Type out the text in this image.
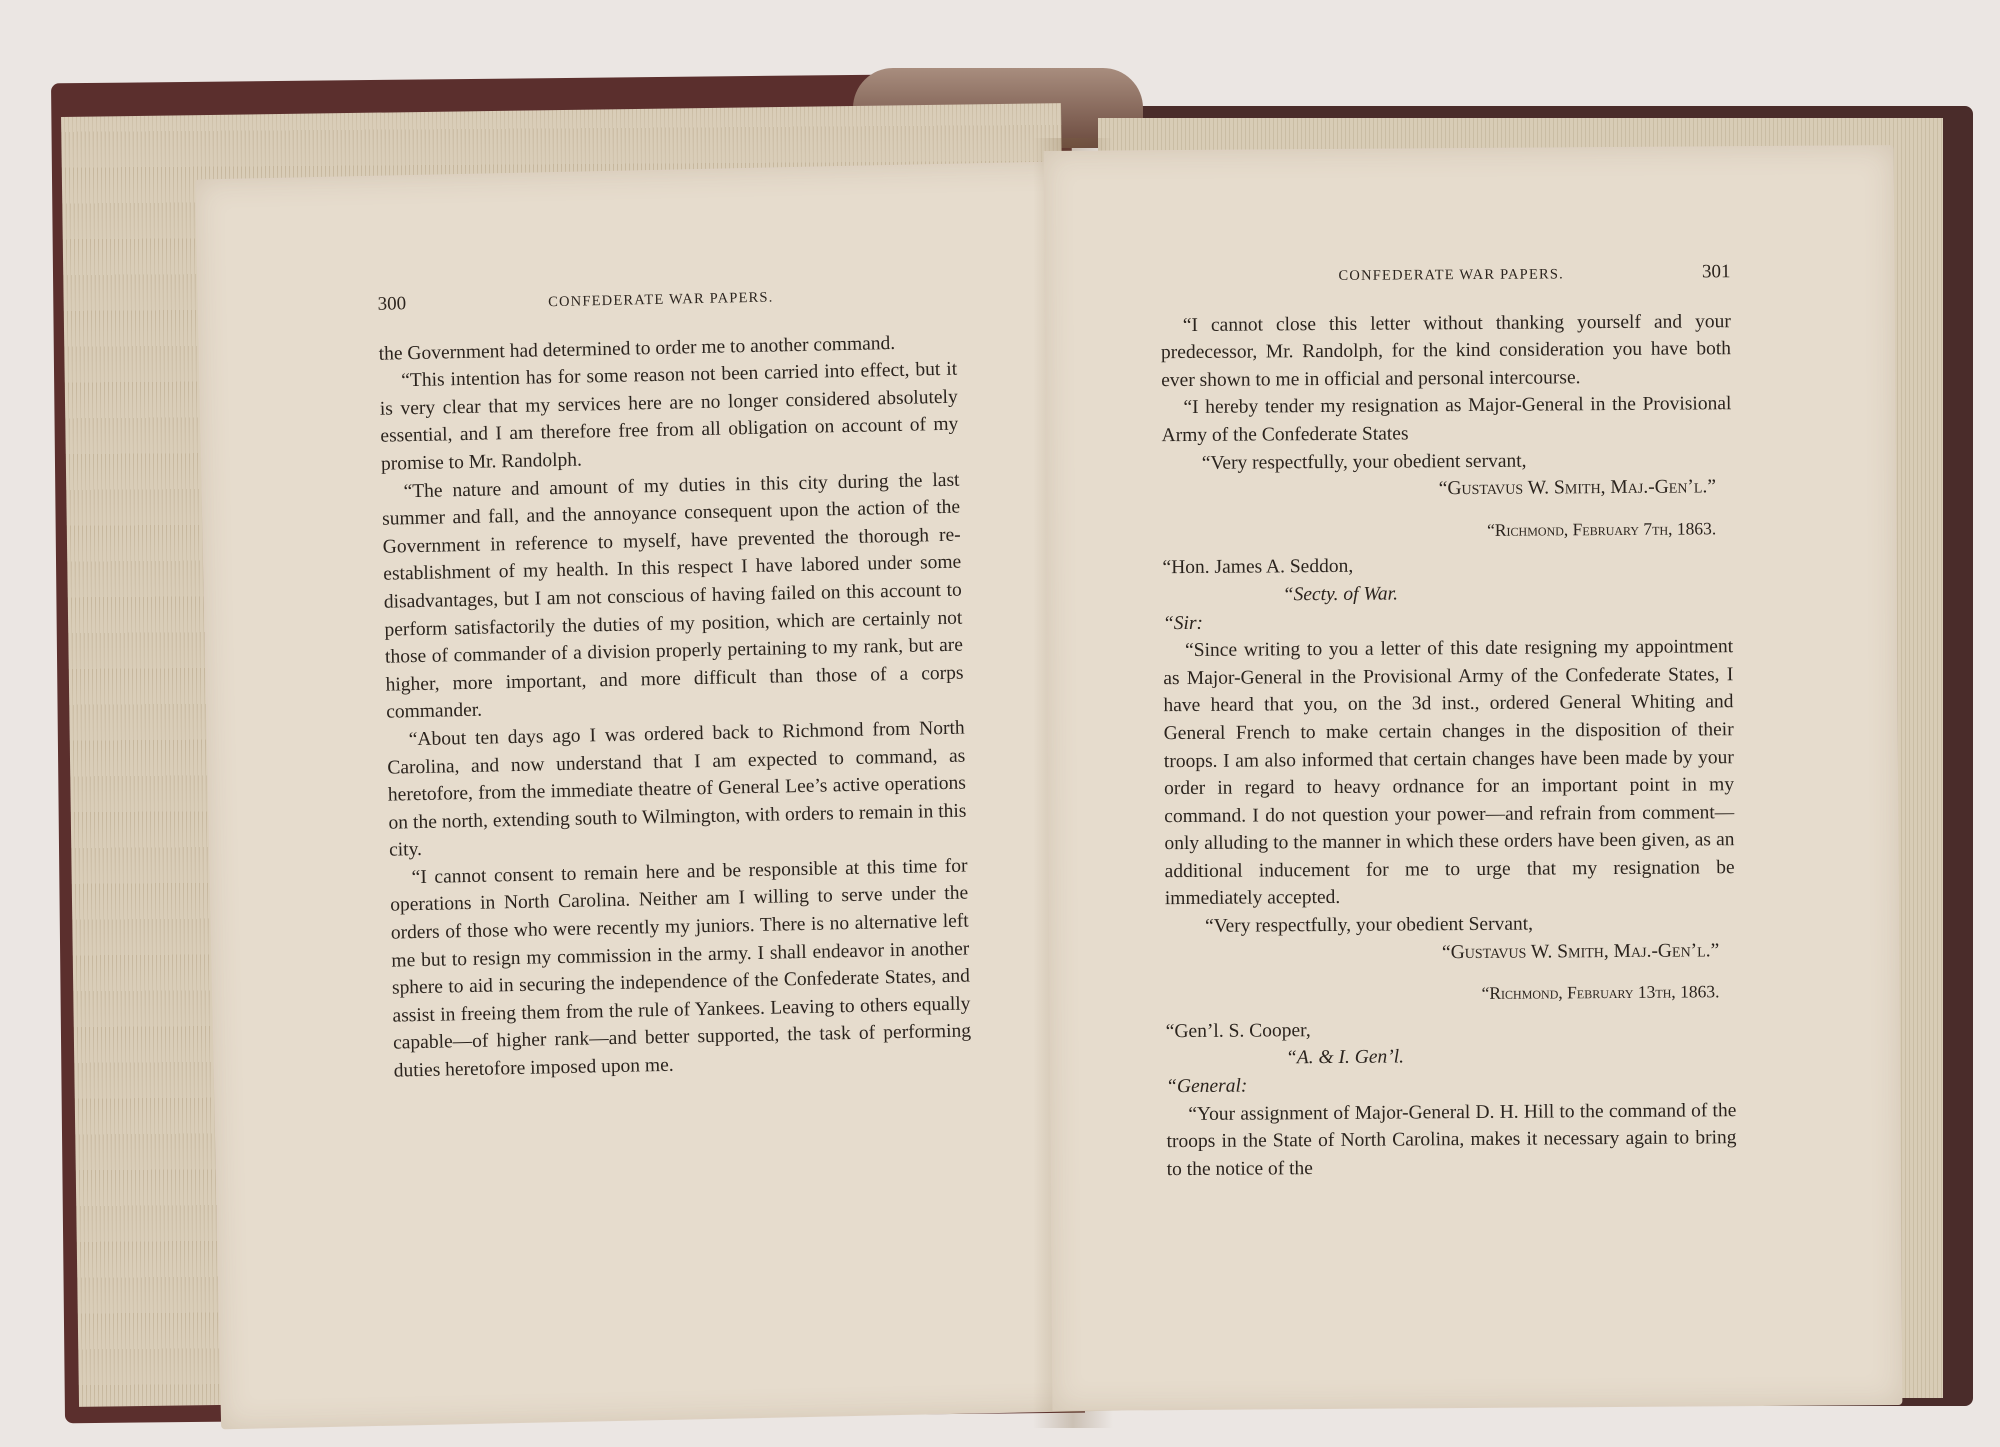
300	CONFEDERATE WAR PAPERS.

the Government had determined to order me to another command.

“This intention has for some reason not been carried into effect, but it is very clear that my services here are no longer considered absolutely essential, and I am therefore free from all obligation on account of my promise to Mr. Randolph.

“The nature and amount of my duties in this city during the last summer and fall, and the annoyance consequent upon the action of the Government in reference to myself, have prevented the thorough re-establishment of my health. In this respect I have labored under some disadvantages, but I am not conscious of having failed on this account to perform satisfactorily the duties of my position, which are certainly not those of commander of a division properly pertaining to my rank, but are higher, more important, and more difficult than those of a corps commander.

“About ten days ago I was ordered back to Richmond from North Carolina, and now understand that I am expected to command, as heretofore, from the immediate theatre of General Lee’s active operations on the north, extending south to Wilmington, with orders to remain in this city.

“I cannot consent to remain here and be responsible at this time for operations in North Carolina. Neither am I willing to serve under the orders of those who were recently my juniors. There is no alternative left me but to resign my commission in the army. I shall endeavor in another sphere to aid in securing the independence of the Confederate States, and assist in freeing them from the rule of Yankees. Leaving to others equally capable—of higher rank—and better supported, the task of performing duties heretofore imposed upon me.

CONFEDERATE WAR PAPERS.	301

“I cannot close this letter without thanking yourself and your predecessor, Mr. Randolph, for the kind consideration you have both ever shown to me in official and personal intercourse.

“I hereby tender my resignation as Major-General in the Provisional Army of the Confederate States

“Very respectfully, your obedient servant,

“Gustavus W. Smith, Maj.-Gen’l.”

“Richmond, February 7th, 1863.

“Hon. James A. Seddon,

“Secty. of War.

“Sir:

“Since writing to you a letter of this date resigning my appointment as Major-General in the Provisional Army of the Confederate States, I have heard that you, on the 3d inst., ordered General Whiting and General French to make certain changes in the disposition of their troops. I am also informed that certain changes have been made by your order in regard to heavy ordnance for an important point in my command. I do not question your power—and refrain from comment—only alluding to the manner in which these orders have been given, as an additional inducement for me to urge that my resignation be immediately accepted.

“Very respectfully, your obedient Servant,

“Gustavus W. Smith, Maj.-Gen’l.”

“Richmond, February 13th, 1863.

“Gen’l. S. Cooper,

“A. & I. Gen’l.

“General:

“Your assignment of Major-General D. H. Hill to the command of the troops in the State of North Carolina, makes it necessary again to bring to the notice of the
